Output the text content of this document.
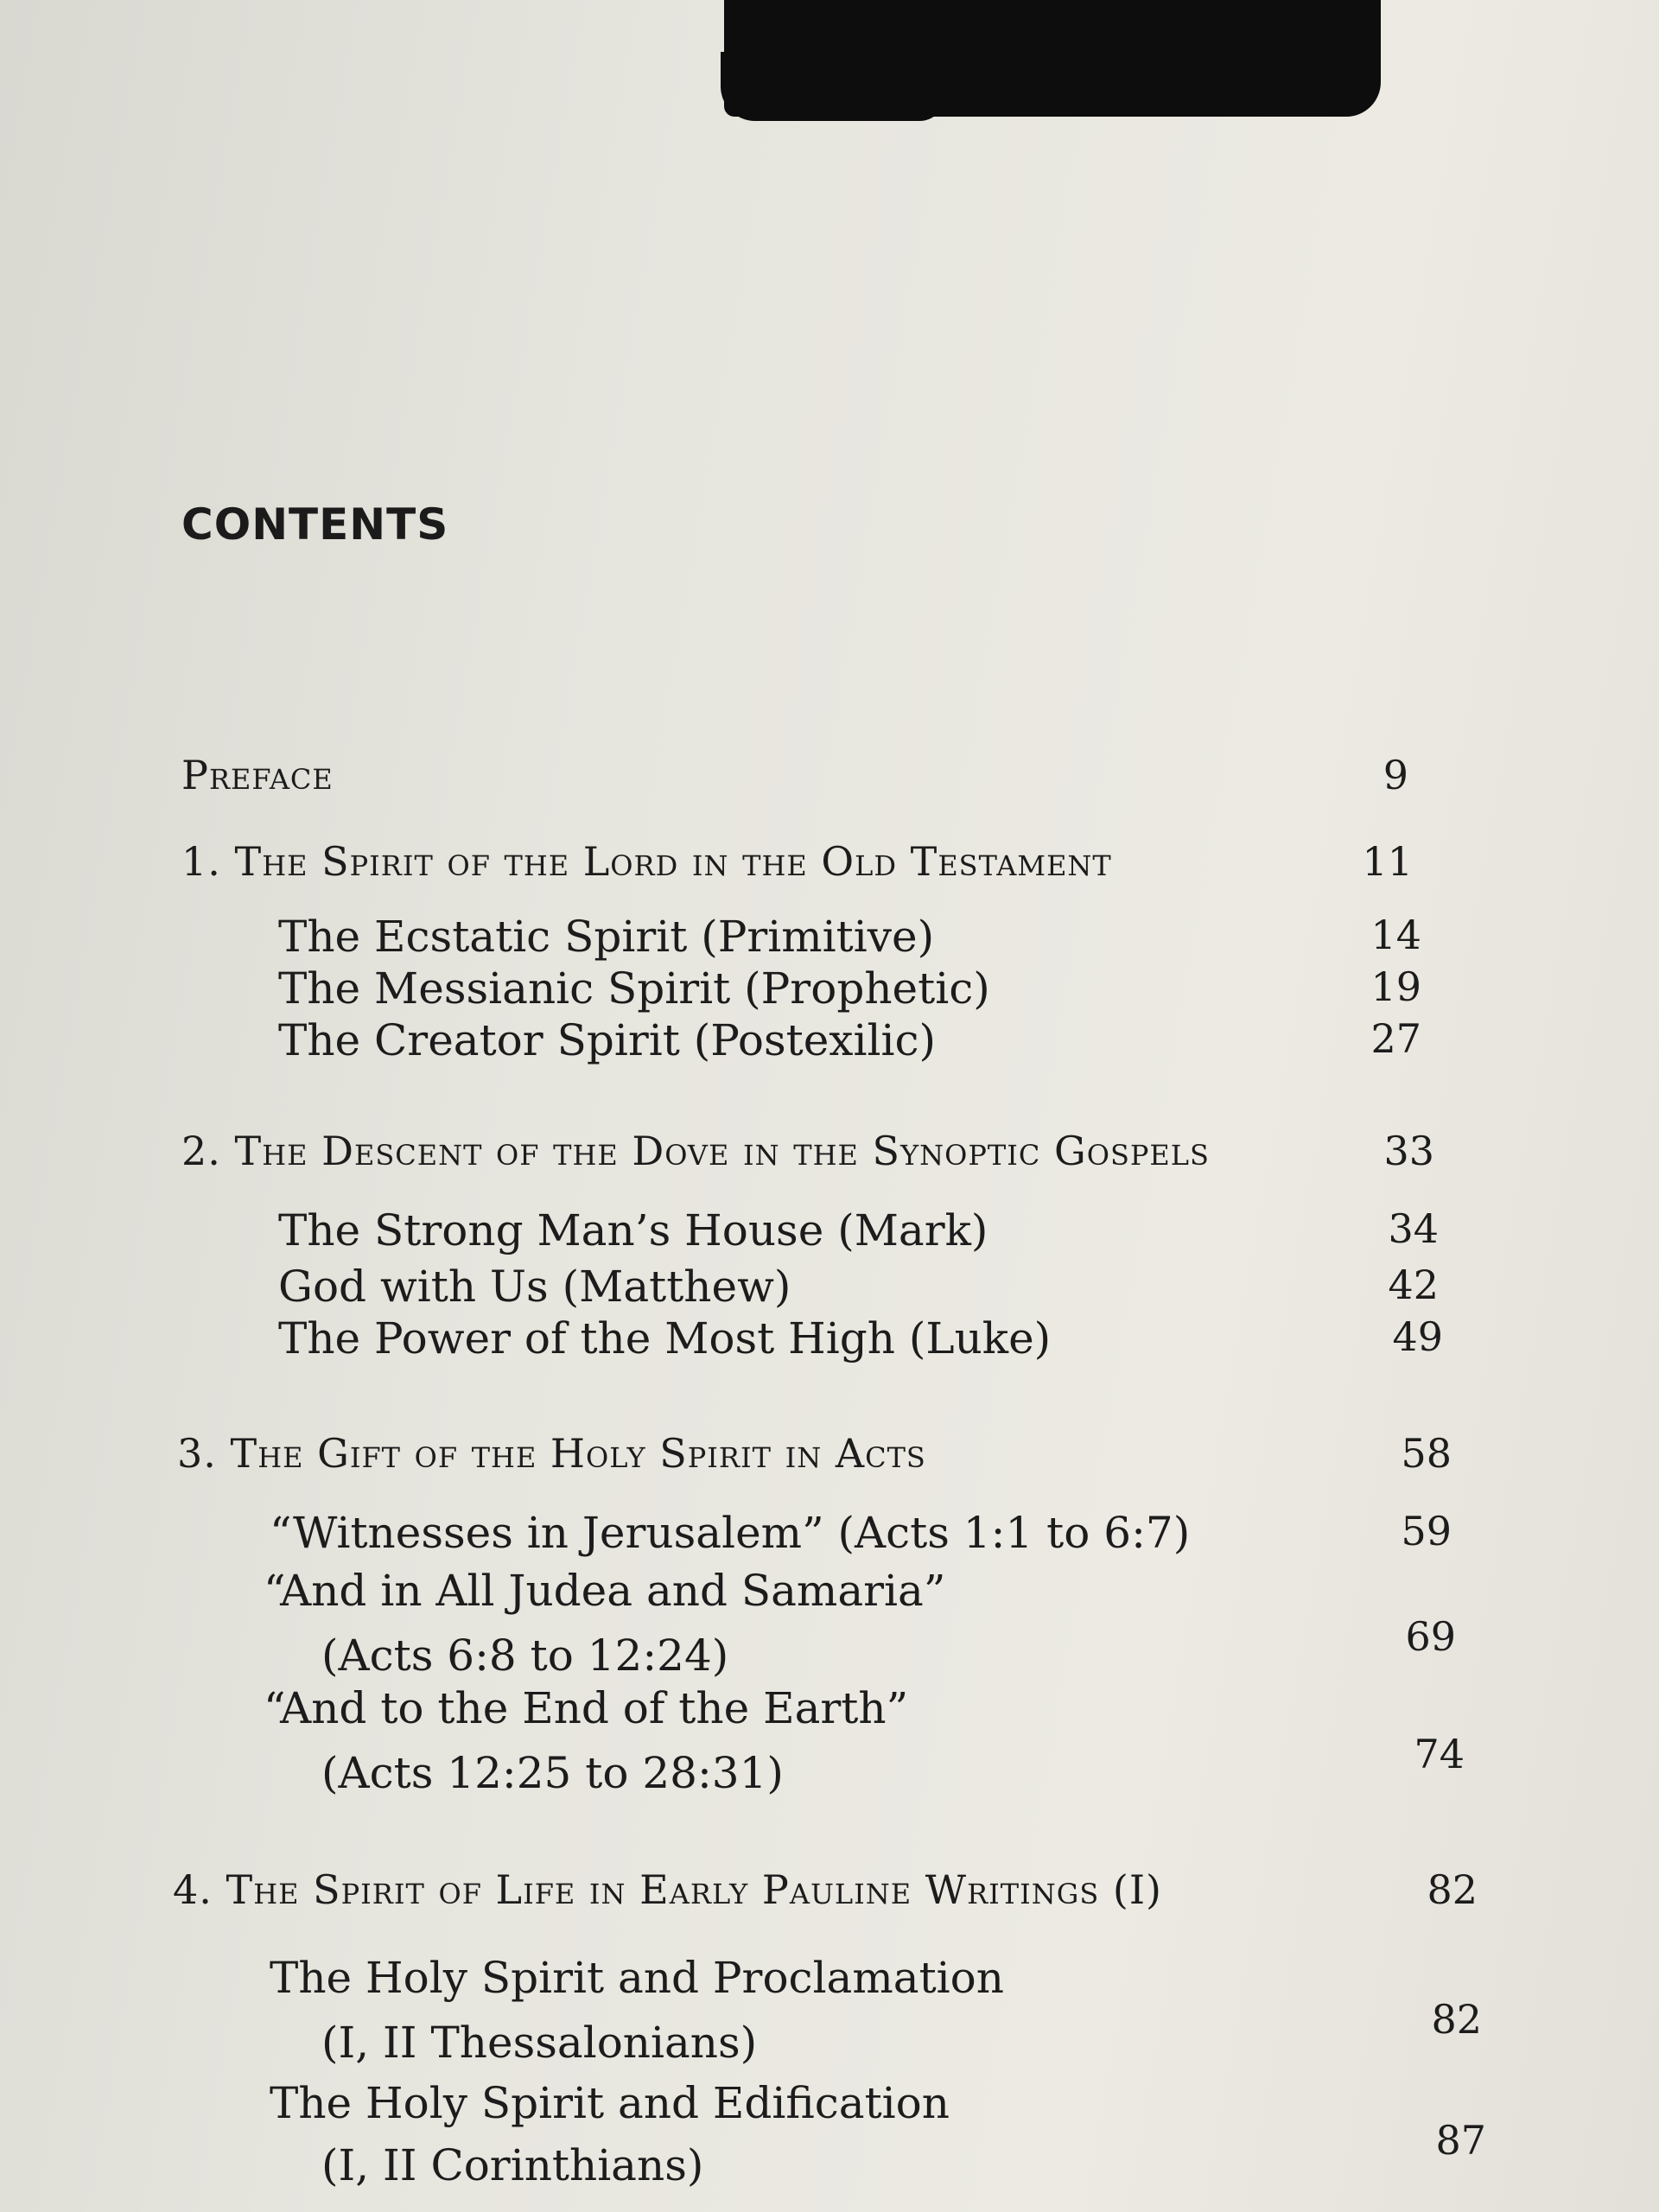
CONTENTS
Preface	9
1. The Spirit of the Lord in the Old Testament	11
The Ecstatic Spirit (Primitive)	14
The Messianic Spirit (Prophetic)	19
The Creator Spirit (Postexilic)	27
2. The Descent of the Dove in the Synoptic Gospels	33
The Strong Man’s House (Mark)	34
God with Us (Matthew)	42
The Power of the Most High (Luke)	49
3. The Gift of the Holy Spirit in Acts	58
“Witnesses in Jerusalem” (Acts 1:1 to 6:7)	59
“And in All Judea and Samaria”
(Acts 6:8 to 12:24)	69
“And to the End of the Earth”
(Acts 12:25 to 28:31)	74
4. The Spirit of Life in Early Pauline Writings (I)	82
The Holy Spirit and Proclamation
(I, II Thessalonians)	82
The Holy Spirit and Edification
(I, II Corinthians)	87
